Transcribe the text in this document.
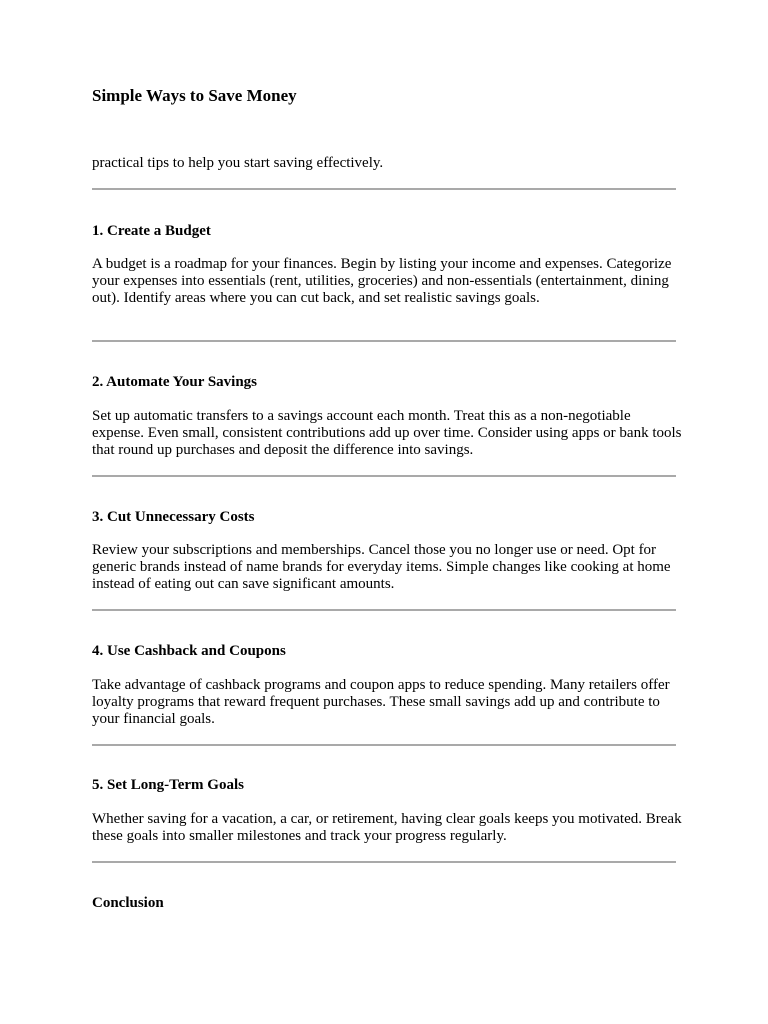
Simple Ways to Save Money

practical tips to help you start saving effectively.

1. Create a Budget

A budget is a roadmap for your finances. Begin by listing your income and expenses. Categorize your expenses into essentials (rent, utilities, groceries) and non-essentials (entertainment, dining out). Identify areas where you can cut back, and set realistic savings goals.

2. Automate Your Savings

Set up automatic transfers to a savings account each month. Treat this as a non-negotiable expense. Even small, consistent contributions add up over time. Consider using apps or bank tools that round up purchases and deposit the difference into savings.

3. Cut Unnecessary Costs

Review your subscriptions and memberships. Cancel those you no longer use or need. Opt for generic brands instead of name brands for everyday items. Simple changes like cooking at home instead of eating out can save significant amounts.

4. Use Cashback and Coupons

Take advantage of cashback programs and coupon apps to reduce spending. Many retailers offer loyalty programs that reward frequent purchases. These small savings add up and contribute to your financial goals.

5. Set Long-Term Goals

Whether saving for a vacation, a car, or retirement, having clear goals keeps you motivated. Break these goals into smaller milestones and track your progress regularly.

Conclusion
